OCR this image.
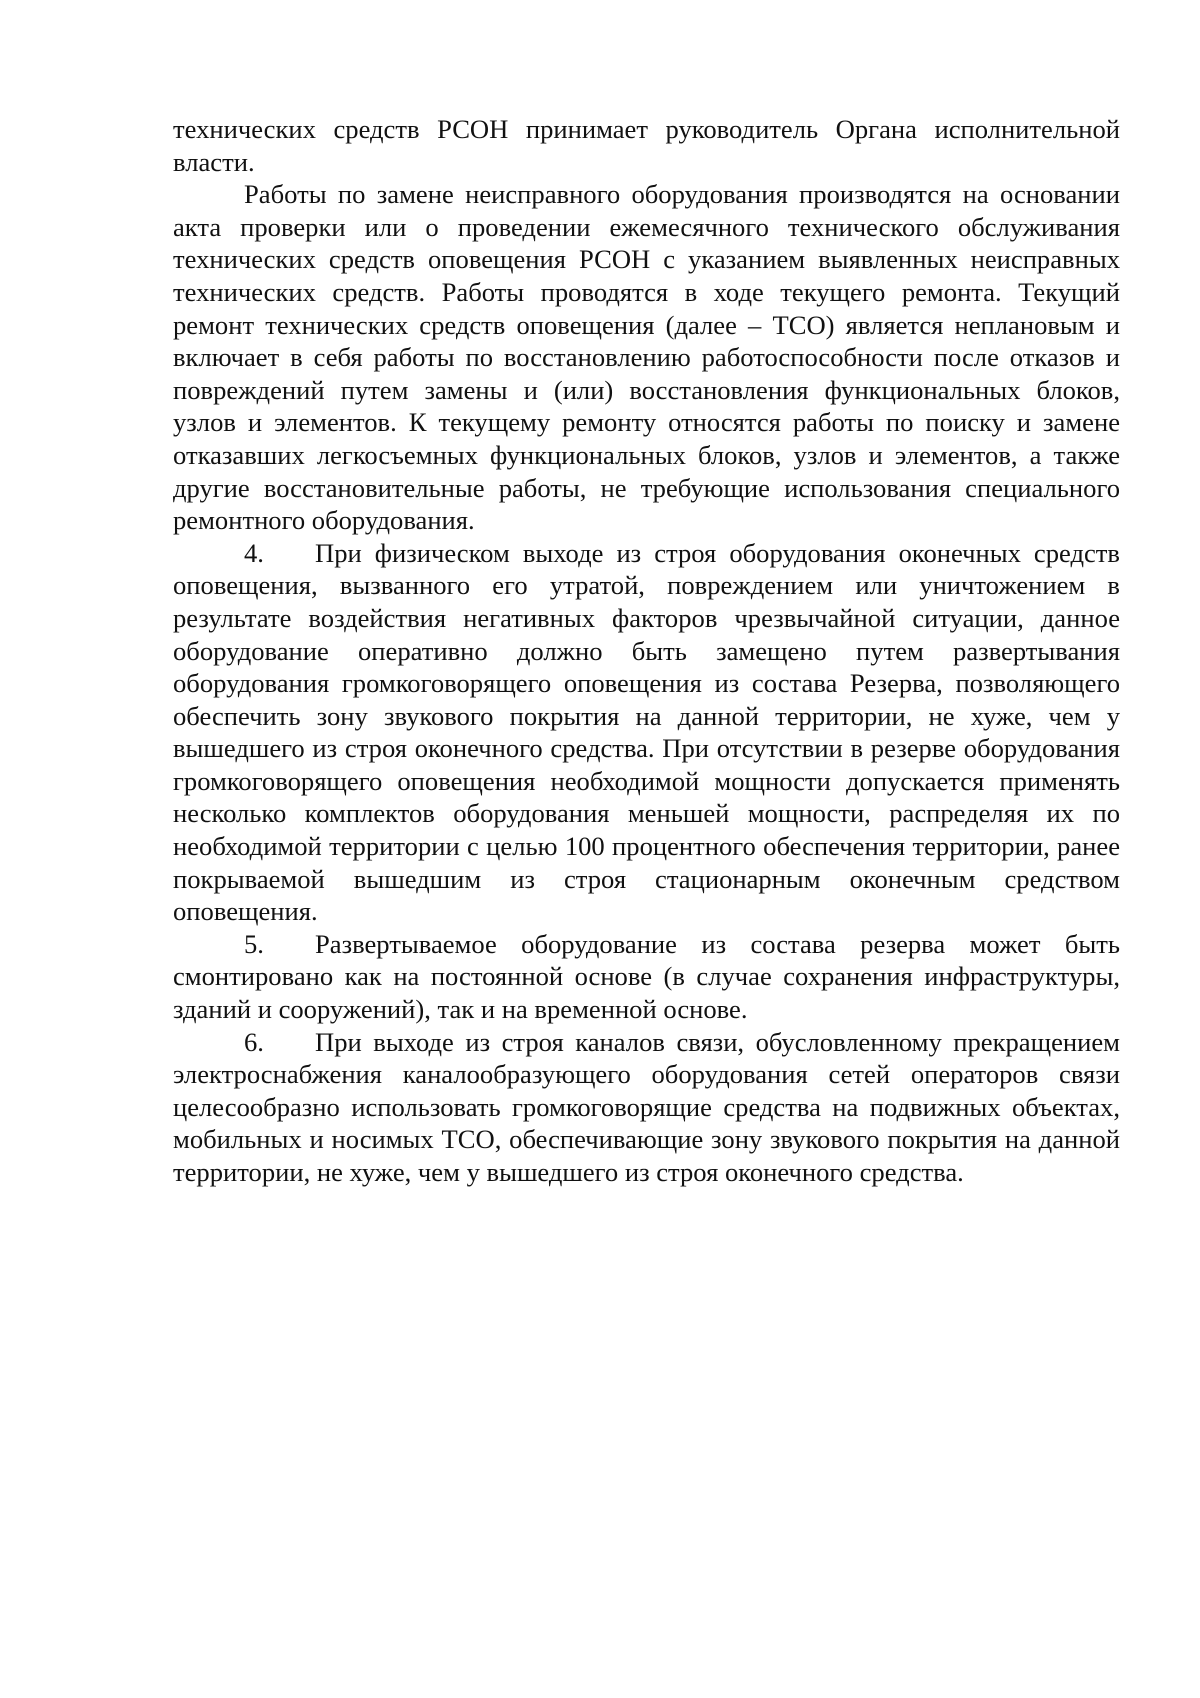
технических средств РСОН принимает руководитель Органа исполнительной власти.

Работы по замене неисправного оборудования производятся на основании акта проверки или о проведении ежемесячного технического обслуживания технических средств оповещения РСОН с указанием выявленных неисправных технических средств. Работы проводятся в ходе текущего ремонта. Текущий ремонт технических средств оповещения (далее – ТСО) является неплановым и включает в себя работы по восстановлению работоспособности после отказов и повреждений путем замены и (или) восстановления функциональных блоков, узлов и элементов. К текущему ремонту относятся работы по поиску и замене отказавших легкосъемных функциональных блоков, узлов и элементов, а также другие восстановительные работы, не требующие использования специального ремонтного оборудования.

4. При физическом выходе из строя оборудования оконечных средств оповещения, вызванного его утратой, повреждением или уничтожением в результате воздействия негативных факторов чрезвычайной ситуации, данное оборудование оперативно должно быть замещено путем развертывания оборудования громкоговорящего оповещения из состава Резерва, позволяющего обеспечить зону звукового покрытия на данной территории, не хуже, чем у вышедшего из строя оконечного средства. При отсутствии в резерве оборудования громкоговорящего оповещения необходимой мощности допускается применять несколько комплектов оборудования меньшей мощности, распределяя их по необходимой территории с целью 100 процентного обеспечения территории, ранее покрываемой вышедшим из строя стационарным оконечным средством оповещения.

5. Развертываемое оборудование из состава резерва может быть смонтировано как на постоянной основе (в случае сохранения инфраструктуры, зданий и сооружений), так и на временной основе.

6. При выходе из строя каналов связи, обусловленному прекращением электроснабжения каналообразующего оборудования сетей операторов связи целесообразно использовать громкоговорящие средства на подвижных объектах, мобильных и носимых ТСО, обеспечивающие зону звукового покрытия на данной территории, не хуже, чем у вышедшего из строя оконечного средства.
